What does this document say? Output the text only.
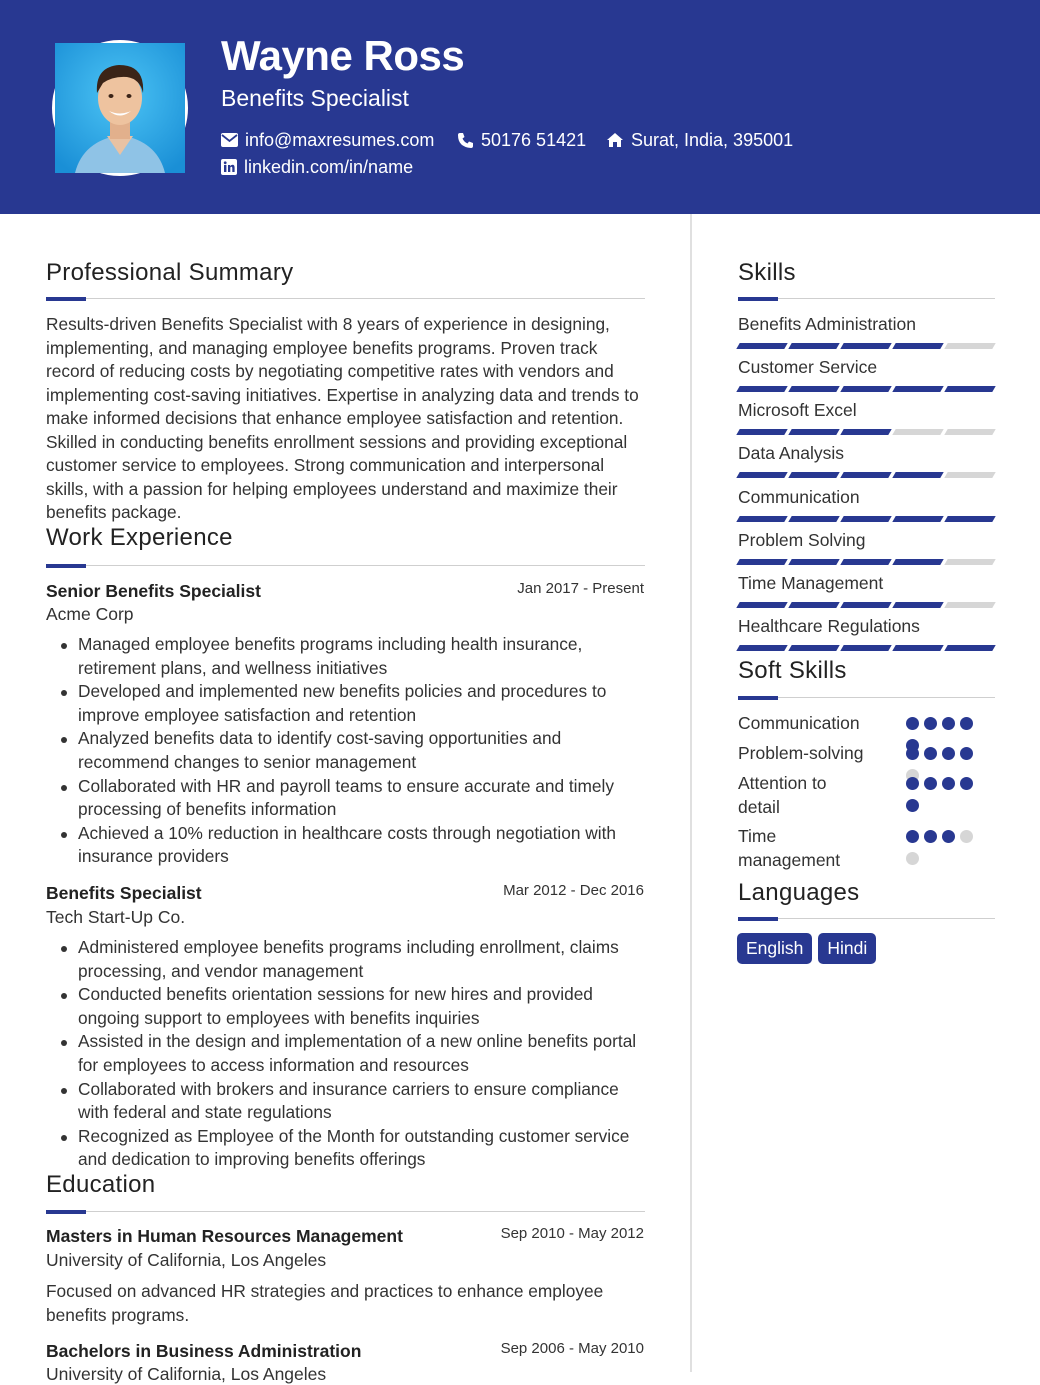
Wayne Ross
Benefits Specialist
info@maxresumes.com	50176 51421 Surat, India, 395001
linkedin.com/in/name
Professional Summary
Results-driven Benefits Specialist with 8 years of experience in designing, implementing, and managing employee benefits programs. Proven track record of reducing costs by negotiating competitive rates with vendors and implementing cost-saving initiatives. Expertise in analyzing data and trends to make informed decisions that enhance employee satisfaction and retention. Skilled in conducting benefits enrollment sessions and providing exceptional customer service to employees. Strong communication and interpersonal skills, with a passion for helping employees understand and maximize their benefits package.
Work Experience
Senior Benefits Specialist	Jan 2017 - Present
Acme Corp
Managed employee benefits programs including health insurance, retirement plans, and wellness initiatives
Developed and implemented new benefits policies and procedures to improve employee satisfaction and retention
Analyzed benefits data to identify cost-saving opportunities and recommend changes to senior management
Collaborated with HR and payroll teams to ensure accurate and timely processing of benefits information
Achieved a 10% reduction in healthcare costs through negotiation with insurance providers
Benefits Specialist	Mar 2012 - Dec 2016
Tech Start-Up Co.
Administered employee benefits programs including enrollment, claims processing, and vendor management
Conducted benefits orientation sessions for new hires and provided ongoing support to employees with benefits inquiries
Assisted in the design and implementation of a new online benefits portal for employees to access information and resources
Collaborated with brokers and insurance carriers to ensure compliance with federal and state regulations
Recognized as Employee of the Month for outstanding customer service and dedication to improving benefits offerings
Education
Masters in Human Resources Management	Sep 2010 - May 2012
University of California, Los Angeles
Focused on advanced HR strategies and practices to enhance employee benefits programs.
Bachelors in Business Administration	Sep 2006 - May 2010
University of California, Los Angeles
Skills
Benefits Administration
Customer Service
Microsoft Excel
Data Analysis
Communication
Problem Solving
Time Management
Healthcare Regulations
Soft Skills
Communication
Problem-solving
Attention to detail
Time management
Languages
English	Hindi
